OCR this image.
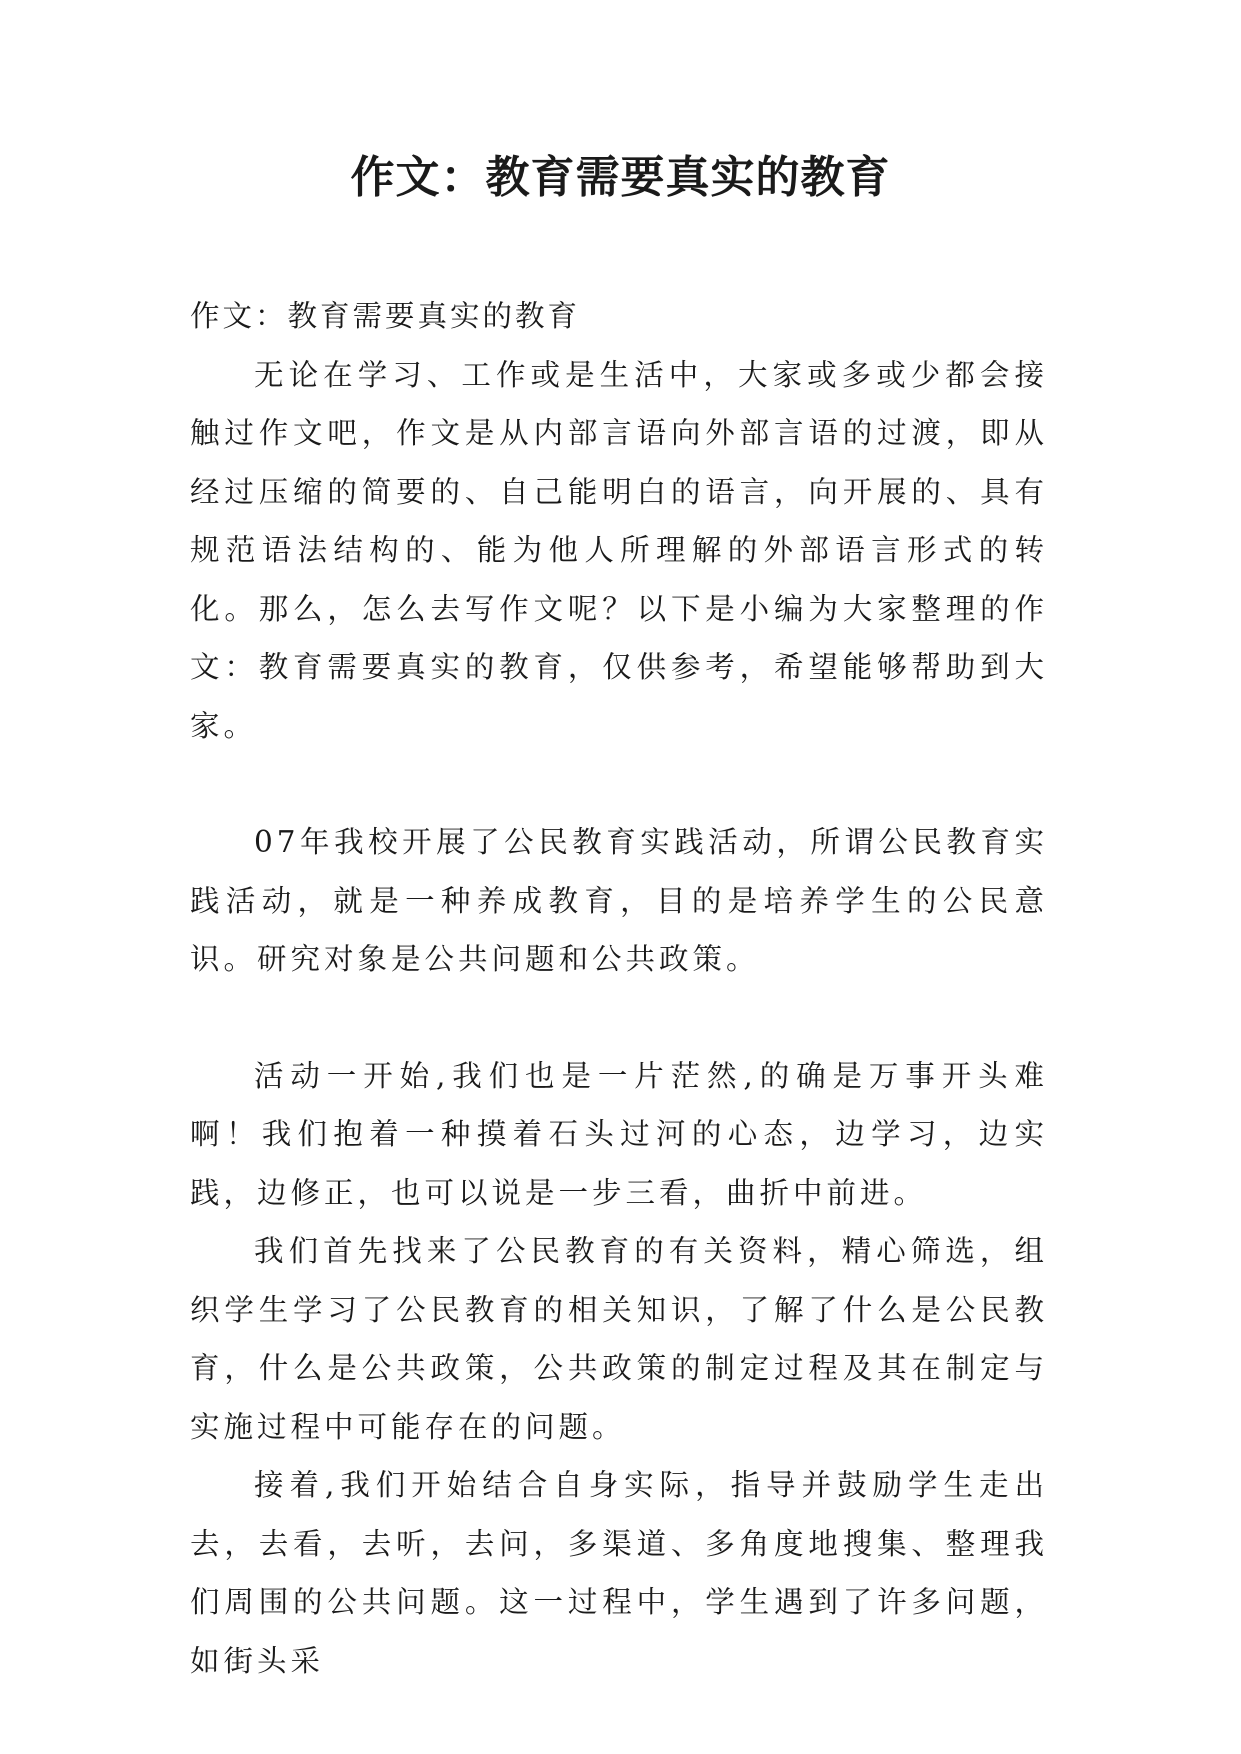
作文：教育需要真实的教育

作文：教育需要真实的教育

无论在学习、工作或是生活中，大家或多或少都会接触过作文吧，作文是从内部言语向外部言语的过渡，即从经过压缩的简要的、自己能明白的语言，向开展的、具有规范语法结构的、能为他人所理解的外部语言形式的转化。那么，怎么去写作文呢？以下是小编为大家整理的作文：教育需要真实的教育，仅供参考，希望能够帮助到大家。

07年我校开展了公民教育实践活动，所谓公民教育实践活动，就是一种养成教育，目的是培养学生的公民意识。研究对象是公共问题和公共政策。

活动一开始,我们也是一片茫然,的确是万事开头难啊！我们抱着一种摸着石头过河的心态，边学习，边实践，边修正，也可以说是一步三看，曲折中前进。

我们首先找来了公民教育的有关资料，精心筛选，组织学生学习了公民教育的相关知识，了解了什么是公民教育，什么是公共政策，公共政策的制定过程及其在制定与实施过程中可能存在的问题。

接着,我们开始结合自身实际，指导并鼓励学生走出去，去看，去听，去问，多渠道、多角度地搜集、整理我们周围的公共问题。这一过程中，学生遇到了许多问题，如街头采
